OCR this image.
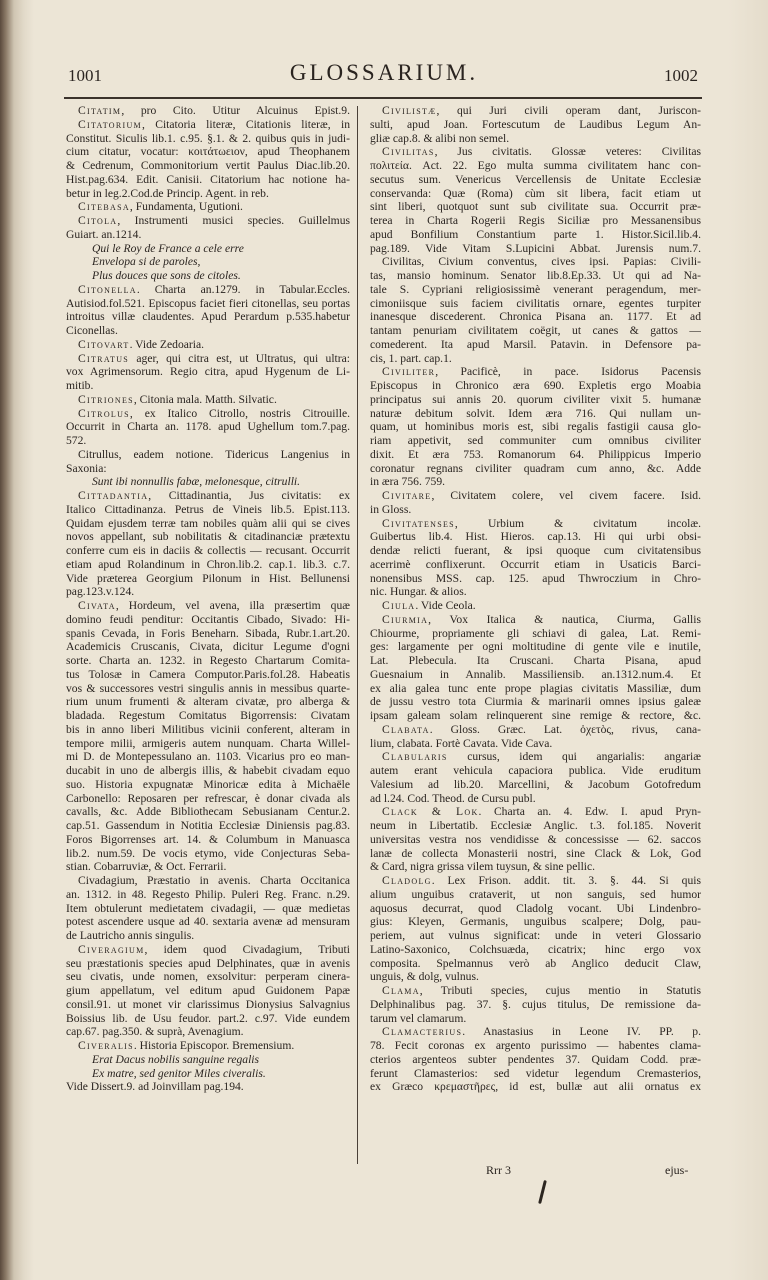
1001	GLOSSARIUM.	1002
Citatim, pro Cito. Utitur Alcuinus Epist.9.
Citatorium, Citatoria literæ, Citationis literæ, in
Constitut. Siculis lib.1. c.95. §.1. & 2. quibus quis in judi-
cium citatur, vocatur: κοιτάτωειον, apud Theophanem
& Cedrenum, Commonitorium vertit Paulus Diac.lib.20.
Hist.pag.634. Edit. Canisii. Citatorium hac notione ha-
betur in leg.2.Cod.de Princip. Agent. in reb.
Citebasa, Fundamenta, Ugutioni.
Citola, Instrumenti musici species. Guillelmus
Guiart. an.1214.
Qui le Roy de France a cele erre
Envelopa si de paroles,
Plus douces que sons de citoles.
Citonella. Charta an.1279. in Tabular.Eccles.
Autisiod.fol.521. Episcopus faciet fieri citonellas, seu portas
introitus villæ claudentes. Apud Perardum p.535.habetur
Ciconellas.
Citovart. Vide Zedoaria.
Citratus ager, qui citra est, ut Ultratus, qui ultra:
vox Agrimensorum. Regio citra, apud Hygenum de Li-
mitib.
Citriones, Citonia mala. Matth. Silvatic.
Citrolus, ex Italico Citrollo, nostris Citrouille.
Occurrit in Charta an. 1178. apud Ughellum tom.7.pag.
572.
Citrullus, eadem notione. Tidericus Langenius in
Saxonia:
Sunt ibi nonnullis fabæ, melonesque, citrulli.
Cittadantia, Cittadinantia, Jus civitatis: ex
Italico Cittadinanza. Petrus de Vineis lib.5. Epist.113.
Quidam ejusdem terræ tam nobiles quàm alii qui se cives
novos appellant, sub nobilitatis & citadinanciæ prætextu
conferre cum eis in daciis & collectis — recusant. Occurrit
etiam apud Rolandinum in Chron.lib.2. cap.1. lib.3. c.7.
Vide præterea Georgium Pilonum in Hist. Bellunensi
pag.123.v.124.
Civata, Hordeum, vel avena, illa præsertim quæ
domino feudi penditur: Occitantis Cibado, Sivado: Hi-
spanis Cevada, in Foris Beneharn. Sibada, Rubr.1.art.20.
Academicis Cruscanis, Civata, dicitur Legume d'ogni
sorte. Charta an. 1232. in Regesto Chartarum Comita-
tus Tolosæ in Camera Computor.Paris.fol.28. Habeatis
vos & successores vestri singulis annis in messibus quarte-
rium unum frumenti & alteram civatæ, pro alberga &
bladada. Regestum Comitatus Bigorrensis: Civatam
bis in anno liberi Militibus vicinii conferent, alteram in
tempore milii, armigeris autem nunquam. Charta Willel-
mi D. de Montepessulano an. 1103. Vicarius pro eo man-
ducabit in uno de albergis illis, & habebit civadam equo
suo. Historia expugnatæ Minoricæ edita à Michaële
Carbonello: Reposaren per refrescar, è donar civada als
cavalls, &c. Adde Bibliothecam Sebusianam Centur.2.
cap.51. Gassendum in Notitia Ecclesiæ Diniensis pag.83.
Foros Bigorrenses art. 14. & Columbum in Manuasca
lib.2. num.59. De vocis etymo, vide Conjecturas Seba-
stian. Cobarruviæ, & Oct. Ferrarii.
Civadagium, Præstatio in avenis. Charta Occitanica
an. 1312. in 48. Regesto Philip. Puleri Reg. Franc. n.29.
Item obtulerunt medietatem civadagii, — quæ medietas
potest ascendere usque ad 40. sextaria avenæ ad mensuram
de Lautricho annis singulis.
Civeragium, idem quod Civadagium, Tributi
seu præstationis species apud Delphinates, quæ in avenis
seu civatis, unde nomen, exsolvitur: perperam cinera-
gium appellatum, vel editum apud Guidonem Papæ
consil.91. ut monet vir clarissimus Dionysius Salvagnius
Boissius lib. de Usu feudor. part.2. c.97. Vide eundem
cap.67. pag.350. & suprà, Avenagium.
Civeralis. Historia Episcopor. Bremensium.
Erat Dacus nobilis sanguine regalis
Ex matre, sed genitor Miles civeralis.
Vide Dissert.9. ad Joinvillam pag.194.
Civilistæ, qui Juri civili operam dant, Juriscon-
sulti, apud Joan. Fortescutum de Laudibus Legum An-
gliæ cap.8. & alibi non semel.
Civilitas, Jus civitatis. Glossæ veteres: Civilitas
πολιτεία. Act. 22. Ego multa summa civilitatem hanc con-
secutus sum. Venericus Vercellensis de Unitate Ecclesiæ
conservanda: Quæ (Roma) cùm sit libera, facit etiam ut
sint liberi, quotquot sunt sub civilitate sua. Occurrit præ-
terea in Charta Rogerii Regis Siciliæ pro Messanensibus
apud Bonfilium Constantium parte 1. Histor.Sicil.lib.4.
pag.189. Vide Vitam S.Lupicini Abbat. Jurensis num.7.
Civilitas, Civium conventus, cives ipsi. Papias: Civili-
tas, mansio hominum. Senator lib.8.Ep.33. Ut qui ad Na-
tale S. Cypriani religiosissimè venerant peragendum, mer-
cimoniisque suis faciem civilitatis ornare, egentes turpiter
inanesque discederent. Chronica Pisana an. 1177. Et ad
tantam penuriam civilitatem coëgit, ut canes & gattos —
comederent. Ita apud Marsil. Patavin. in Defensore pa-
cis, 1. part. cap.1.
Civiliter, Pacificè, in pace. Isidorus Pacensis
Episcopus in Chronico æra 690. Expletis ergo Moabia
principatus sui annis 20. quorum civiliter vixit 5. humanæ
naturæ debitum solvit. Idem æra 716. Qui nullam un-
quam, ut hominibus moris est, sibi regalis fastigii causa glo-
riam appetivit, sed communiter cum omnibus civiliter
dixit. Et æra 753. Romanorum 64. Philippicus Imperio
coronatur regnans civiliter quadram cum anno, &c. Adde
in æra 756. 759.
Civitare, Civitatem colere, vel civem facere. Isid.
in Gloss.
Civitatenses, Urbium & civitatum incolæ.
Guibertus lib.4. Hist. Hieros. cap.13. Hi qui urbi obsi-
dendæ relicti fuerant, & ipsi quoque cum civitatensibus
acerrimè conflixerunt. Occurrit etiam in Usaticis Barci-
nonensibus MSS. cap. 125. apud Thwroczium in Chro-
nic. Hungar. & alios.
Ciula. Vide Ceola.
Ciurmia, Vox Italica & nautica, Ciurma, Gallis
Chiourme, propriamente gli schiavi di galea, Lat. Remi-
ges: largamente per ogni moltitudine di gente vile e inutile,
Lat. Plebecula. Ita Cruscani. Charta Pisana, apud
Guesnaium in Annalib. Massiliensib. an.1312.num.4. Et
ex alia galea tunc ente prope plagias civitatis Massiliæ, dum
de jussu vestro tota Ciurmia & marinarii omnes ipsius galeæ
ipsam galeam solam relinquerent sine remige & rectore, &c.
Clabata. Gloss. Græc. Lat. ὀχετὸς, rivus, cana-
lium, clabata. Fortè Cavata. Vide Cava.
Clabularis cursus, idem qui angarialis: angariæ
autem erant vehicula capaciora publica. Vide eruditum
Valesium ad lib.20. Marcellini, & Jacobum Gotofredum
ad l.24. Cod. Theod. de Cursu publ.
Clack & Lok. Charta an. 4. Edw. I. apud Pryn-
neum in Libertatib. Ecclesiæ Anglic. t.3. fol.185. Noverit
universitas vestra nos vendidisse & concessisse — 62. saccos
lanæ de collecta Monasterii nostri, sine Clack & Lok, God
& Card, nigra grissa vilem tuysun, & sine pellic.
Cladolg. Lex Frison. addit. tit. 3. §. 44. Si quis
alium unguibus crataverit, ut non sanguis, sed humor
aquosus decurrat, quod Cladolg vocant. Ubi Lindenbro-
gius: Kleyen, Germanis, unguibus scalpere; Dolg, pau-
periem, aut vulnus significat: unde in veteri Glossario
Latino-Saxonico, Colchsuæda, cicatrix; hinc ergo vox
composita. Spelmannus verò ab Anglico deducit Claw,
unguis, & dolg, vulnus.
Clama, Tributi species, cujus mentio in Statutis
Delphinalibus pag. 37. §. cujus titulus, De remissione da-
tarum vel clamarum.
Clamacterius. Anastasius in Leone IV. PP. p.
78. Fecit coronas ex argento purissimo — habentes clama-
cterios argenteos subter pendentes 37. Quidam Codd. præ-
ferunt Clamasterios: sed videtur legendum Cremasterios,
ex Græco κρεμαστῆρες, id est, bullæ aut alii ornatus ex
Rrr 3	ejus-
